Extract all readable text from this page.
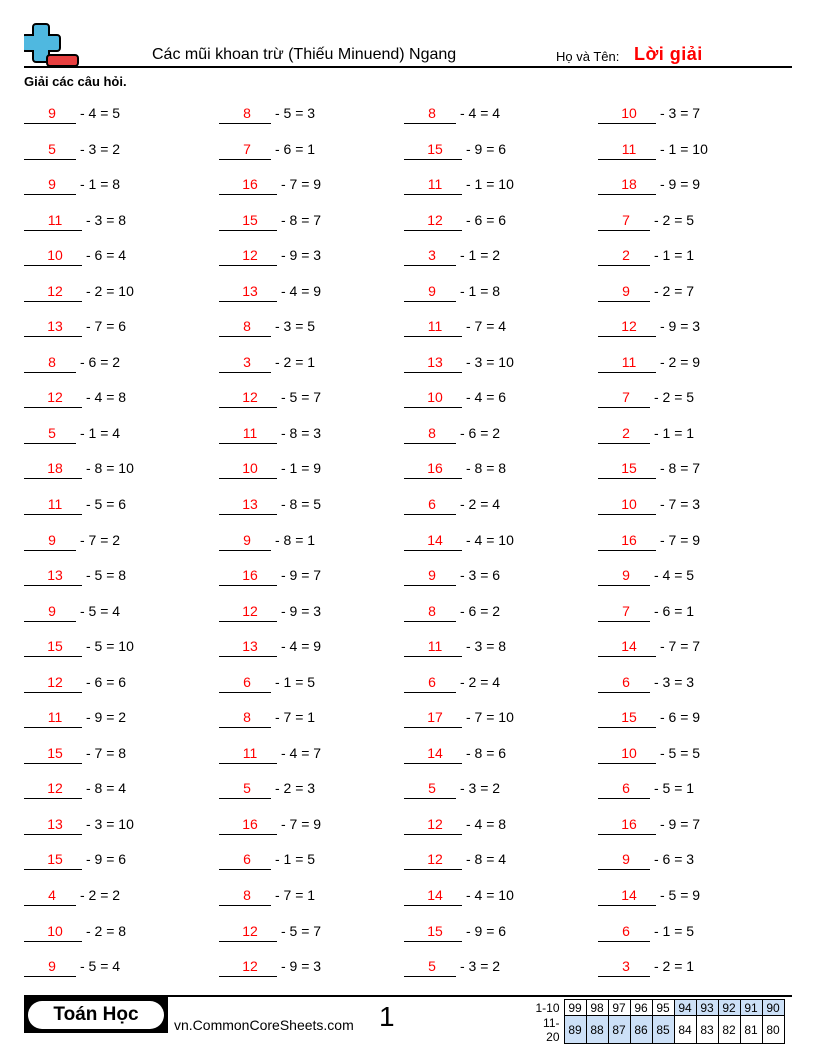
Các mũi khoan trừ (Thiếu Minuend) Ngang	Họ và Tên: Lời giải
Giải các câu hỏi.
9	- 4 = 5	8	- 5 = 3	8	- 4 = 4	10	- 3 = 7
5	- 3 = 2	7	- 6 = 1	15	- 9 = 6	11	- 1 = 10
9	- 1 = 8	16	- 7 = 9	11	- 1 = 10	18	- 9 = 9
11	- 3 = 8	15	- 8 = 7	12	- 6 = 6	7	- 2 = 5
10	- 6 = 4	12	- 9 = 3	3	- 1 = 2	2	- 1 = 1
12	- 2 = 10	13	- 4 = 9	9	- 1 = 8	9	- 2 = 7
13	- 7 = 6	8	- 3 = 5	11	- 7 = 4	12	- 9 = 3
8	- 6 = 2	3	- 2 = 1	13	- 3 = 10	11	- 2 = 9
12	- 4 = 8	12	- 5 = 7	10	- 4 = 6	7	- 2 = 5
5	- 1 = 4	11	- 8 = 3	8	- 6 = 2	2	- 1 = 1
18	- 8 = 10	10	- 1 = 9	16	- 8 = 8	15	- 8 = 7
11	- 5 = 6	13	- 8 = 5	6	- 2 = 4	10	- 7 = 3
9	- 7 = 2	9	- 8 = 1	14	- 4 = 10	16	- 7 = 9
13	- 5 = 8	16	- 9 = 7	9	- 3 = 6	9	- 4 = 5
9	- 5 = 4	12	- 9 = 3	8	- 6 = 2	7	- 6 = 1
15	- 5 = 10	13	- 4 = 9	11	- 3 = 8	14	- 7 = 7
12	- 6 = 6	6	- 1 = 5	6	- 2 = 4	6	- 3 = 3
11	- 9 = 2	8	- 7 = 1	17	- 7 = 10	15	- 6 = 9
15	- 7 = 8	11	- 4 = 7	14	- 8 = 6	10	- 5 = 5
12	- 8 = 4	5	- 2 = 3	5	- 3 = 2	6	- 5 = 1
13	- 3 = 10	16	- 7 = 9	12	- 4 = 8	16	- 9 = 7
15	- 9 = 6	6	- 1 = 5	12	- 8 = 4	9	- 6 = 3
4	- 2 = 2	8	- 7 = 1	14	- 4 = 10	14	- 5 = 9
10	- 2 = 8	12	- 5 = 7	15	- 9 = 6	6	- 1 = 5
9	- 5 = 4	12	- 9 = 3	5	- 3 = 2	3	- 2 = 1
Toán Học	vn.CommonCoreSheets.com 1	1-10	99	98	97	96	95	94	93	92	91	90
11-20	89	88	87	86	85	84	83	82	81	80
